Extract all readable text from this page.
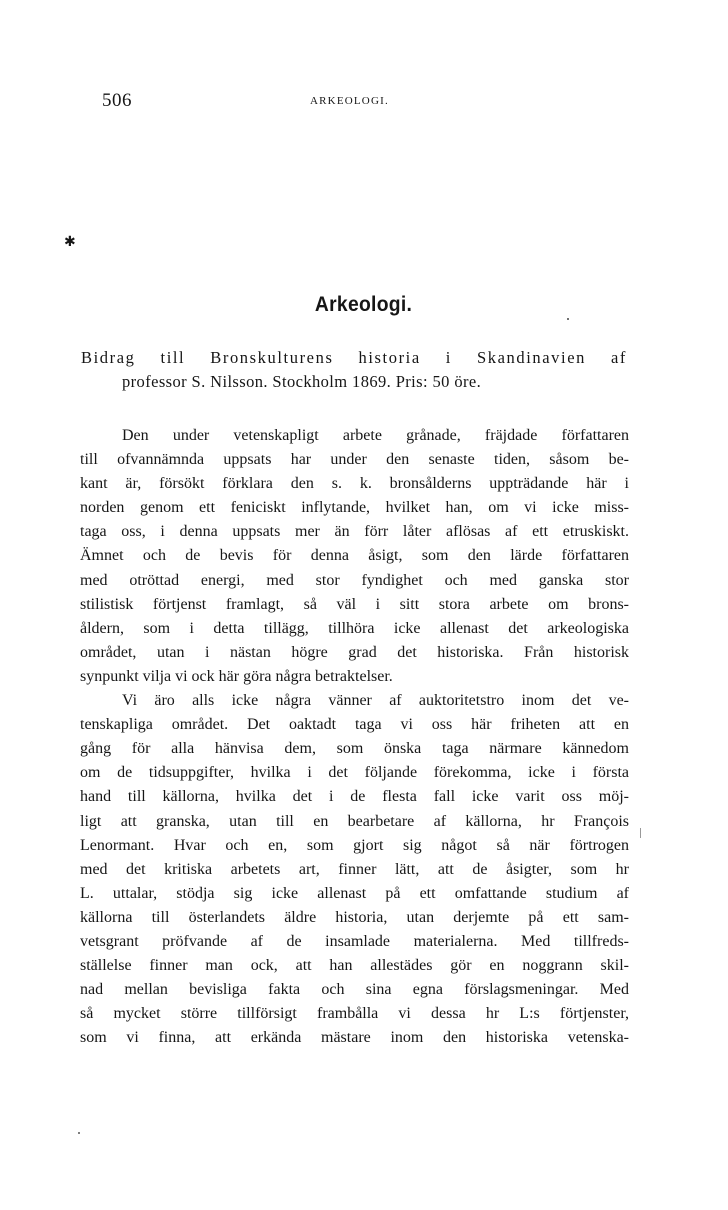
506	ARKEOLOGI.
✱
Arkeologi.
Bidrag till Bronskulturens historia i Skandinavien af
professor S. Nilsson. Stockholm 1869. Pris: 50 öre.
Den under vetenskapligt arbete grånade, fräjdade författaren
till ofvannämnda uppsats har under den senaste tiden, såsom be-
kant är, försökt förklara den s. k. bronsålderns uppträdande här i
norden genom ett feniciskt inflytande, hvilket han, om vi icke miss-
taga oss, i denna uppsats mer än förr låter aflösas af ett etruskiskt.
Ämnet och de bevis för denna åsigt, som den lärde författaren
med otröttad energi, med stor fyndighet och med ganska stor
stilistisk förtjenst framlagt, så väl i sitt stora arbete om brons-
åldern, som i detta tillägg, tillhöra icke allenast det arkeologiska
området, utan i nästan högre grad det historiska. Från historisk
synpunkt vilja vi ock här göra några betraktelser.
Vi äro alls icke några vänner af auktoritetstro inom det ve-
tenskapliga området. Det oaktadt taga vi oss här friheten att en
gång för alla hänvisa dem, som önska taga närmare kännedom
om de tidsuppgifter, hvilka i det följande förekomma, icke i första
hand till källorna, hvilka det i de flesta fall icke varit oss möj-
ligt att granska, utan till en bearbetare af källorna, hr François
Lenormant. Hvar och en, som gjort sig något så när förtrogen
med det kritiska arbetets art, finner lätt, att de åsigter, som hr
L. uttalar, stödja sig icke allenast på ett omfattande studium af
källorna till österlandets äldre historia, utan derjemte på ett sam-
vetsgrant pröfvande af de insamlade materialerna. Med tillfreds-
ställelse finner man ock, att han allestädes gör en noggrann skil-
nad mellan bevisliga fakta och sina egna förslagsmeningar. Med
så mycket större tillförsigt frambålla vi dessa hr L:s förtjenster,
som vi finna, att erkända mästare inom den historiska vetenska-
